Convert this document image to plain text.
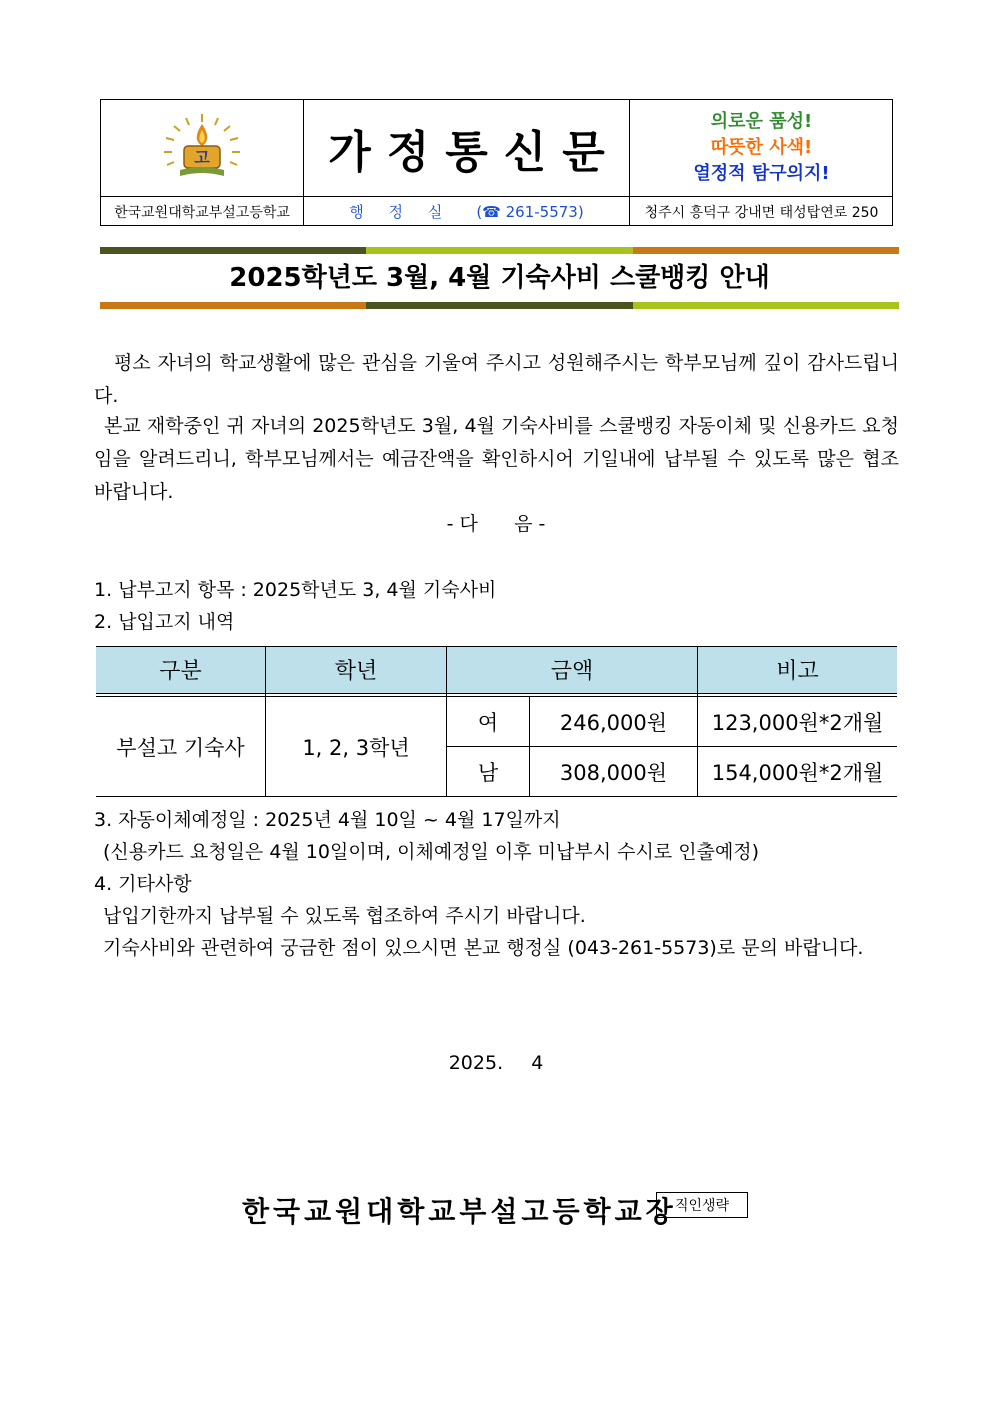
고	가정통신문
의로운 품성!
따뜻한 사색!
열정적 탐구의지!
한국교원대학교부설고등학교	행 정 실 (☎ 261-5573)	청주시 흥덕구 강내면 태성탑연로 250
2025학년도 3월, 4월 기숙사비 스쿨뱅킹 안내
평소 자녀의 학교생활에 많은 관심을 기울여 주시고 성원해주시는 학부모님께 깊이 감사드립니다.
본교 재학중인 귀 자녀의 2025학년도 3월, 4월 기숙사비를 스쿨뱅킹 자동이체 및 신용카드 요청임을 알려드리니, 학부모님께서는 예금잔액을 확인하시어 기일내에 납부될 수 있도록 많은 협조 바랍니다.
- 다      음 -
1. 납부고지 항목 : 2025학년도 3, 4월 기숙사비
2. 납입고지 내역
구분	학년	금액	비고
부설고 기숙사	1, 2, 3학년
여	246,000원	123,000원*2개월
남	308,000원	154,000원*2개월
3. 자동이체예정일 : 2025년 4월 10일 ~ 4월 17일까지
(신용카드 요청일은 4월 10일이며, 이체예정일 이후 미납부시 수시로 인출예정)
4. 기타사항
납입기한까지 납부될 수 있도록 협조하여 주시기 바랍니다.
기숙사비와 관련하여 궁금한 점이 있으시면 본교 행정실 (043-261-5573)로 문의 바랍니다.
2025.  4
한국교원대학교부설고등학교장
직인생략
